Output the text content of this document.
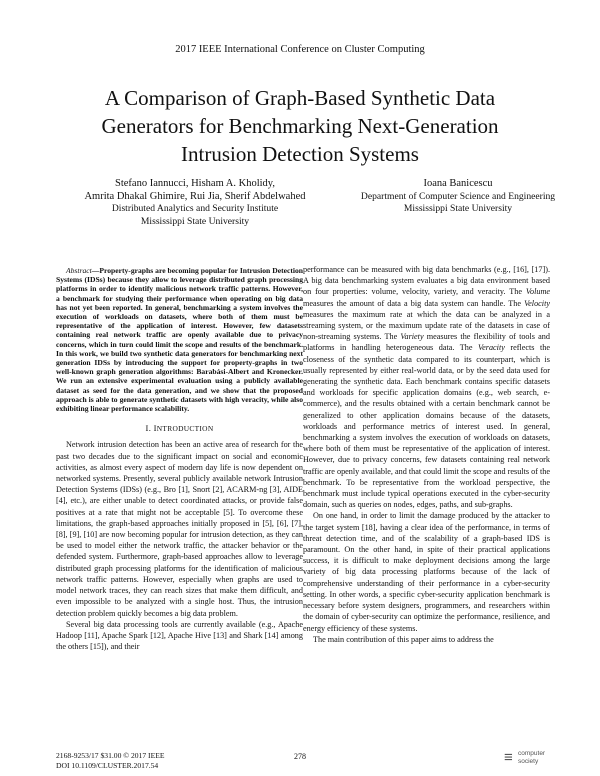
2017 IEEE International Conference on Cluster Computing
A Comparison of Graph-Based Synthetic Data
Generators for Benchmarking Next-Generation
Intrusion Detection Systems
Stefano Iannucci, Hisham A. Kholidy,
Amrita Dhakal Ghimire, Rui Jia, Sherif Abdelwahed
Distributed Analytics and Security Institute
Mississippi State University
Ioana Banicescu
Department of Computer Science and Engineering
Mississippi State University

Abstract—Property-graphs are becoming popular for Intrusion Detection Systems (IDSs) because they allow to leverage distributed graph processing platforms in order to identify malicious network traffic patterns. However, a benchmark for studying their performance when operating on big data has not yet been reported. In general, benchmarking a system involves the execution of workloads on datasets, where both of them must be representative of the application of interest. However, few datasets containing real network traffic are openly available due to privacy concerns, which in turn could limit the scope and results of the benchmark. In this work, we build two synthetic data generators for benchmarking next generation IDSs by introducing the support for property-graphs in two well-known graph generation algorithms: Barabási-Albert and Kronecker. We run an extensive experimental evaluation using a publicly available dataset as seed for the data generation, and we show that the proposed approach is able to generate synthetic datasets with high veracity, while also exhibiting linear performance scalability.

I. INTRODUCTION

Network intrusion detection has been an active area of research for the past two decades due to the significant impact on social and economic activities, as almost every aspect of modern day life is now dependent on networked systems. Presently, several publicly available network Intrusion Detection Systems (IDSs) (e.g., Bro [1], Snort [2], ACARM-ng [3], AIDE [4], etc.), are either unable to detect coordinated attacks, or provide false positives at a rate that might not be acceptable [5]. To overcome these limitations, the graph-based approaches initially proposed in [5], [6], [7], [8], [9], [10] are now becoming popular for intrusion detection, as they can be used to model either the network traffic, the attacker behavior or the defended system. Furthermore, graph-based approaches allow to leverage distributed graph processing platforms for the identification of malicious network traffic patterns. However, especially when graphs are used to model network traces, they can reach sizes that make them difficult, and even impossible to be analyzed with a single host. Thus, the intrusion detection problem quickly becomes a big data problem.

Several big data processing tools are currently available (e.g., Apache Hadoop [11], Apache Spark [12], Apache Hive [13] and Shark [14] among the others [15]), and their

performance can be measured with big data benchmarks (e.g., [16], [17]). A big data benchmarking system evaluates a big data environment based on four properties: volume, velocity, variety, and veracity. The Volume measures the amount of data a big data system can handle. The Velocity measures the maximum rate at which the data can be analyzed in a streaming system, or the maximum update rate of the datasets in case of non-streaming systems. The Variety measures the flexibility of tools and platforms in handling heterogeneous data. The Veracity reflects the closeness of the synthetic data compared to its counterpart, which is usually represented by either real-world data, or by the seed data used for generating the synthetic data. Each benchmark contains specific datasets and workloads for specific application domains (e.g., web search, e-commerce), and the results obtained with a certain benchmark cannot be generalized to other application domains because of the datasets, workloads and performance metrics of interest used. In general, benchmarking a system involves the execution of workloads on datasets, where both of them must be representative of the application of interest. However, due to privacy concerns, few datasets containing real network traffic are openly available, and that could limit the scope and results of the benchmark. To be representative from the workload perspective, the benchmark must include typical operations executed in the cyber-security domain, such as queries on nodes, edges, paths, and sub-graphs.

On one hand, in order to limit the damage produced by the attacker to the target system [18], having a clear idea of the performance, in terms of threat detection time, and of the scalability of a graph-based IDS is paramount. On the other hand, in spite of their practical applications success, it is difficult to make deployment decisions among the large variety of big data processing platforms because of the lack of comprehensive understanding of their performance in a cyber-security setting. In other words, a specific cyber-security application benchmark is necessary before system designers, programmers, and researchers within the domain of cyber-security can optimize the performance, resilience, and energy efficiency of these systems.

The main contribution of this paper aims to address the

2168-9253/17 $31.00 © 2017 IEEE
DOI 10.1109/CLUSTER.2017.54
278	≡ computer
society
